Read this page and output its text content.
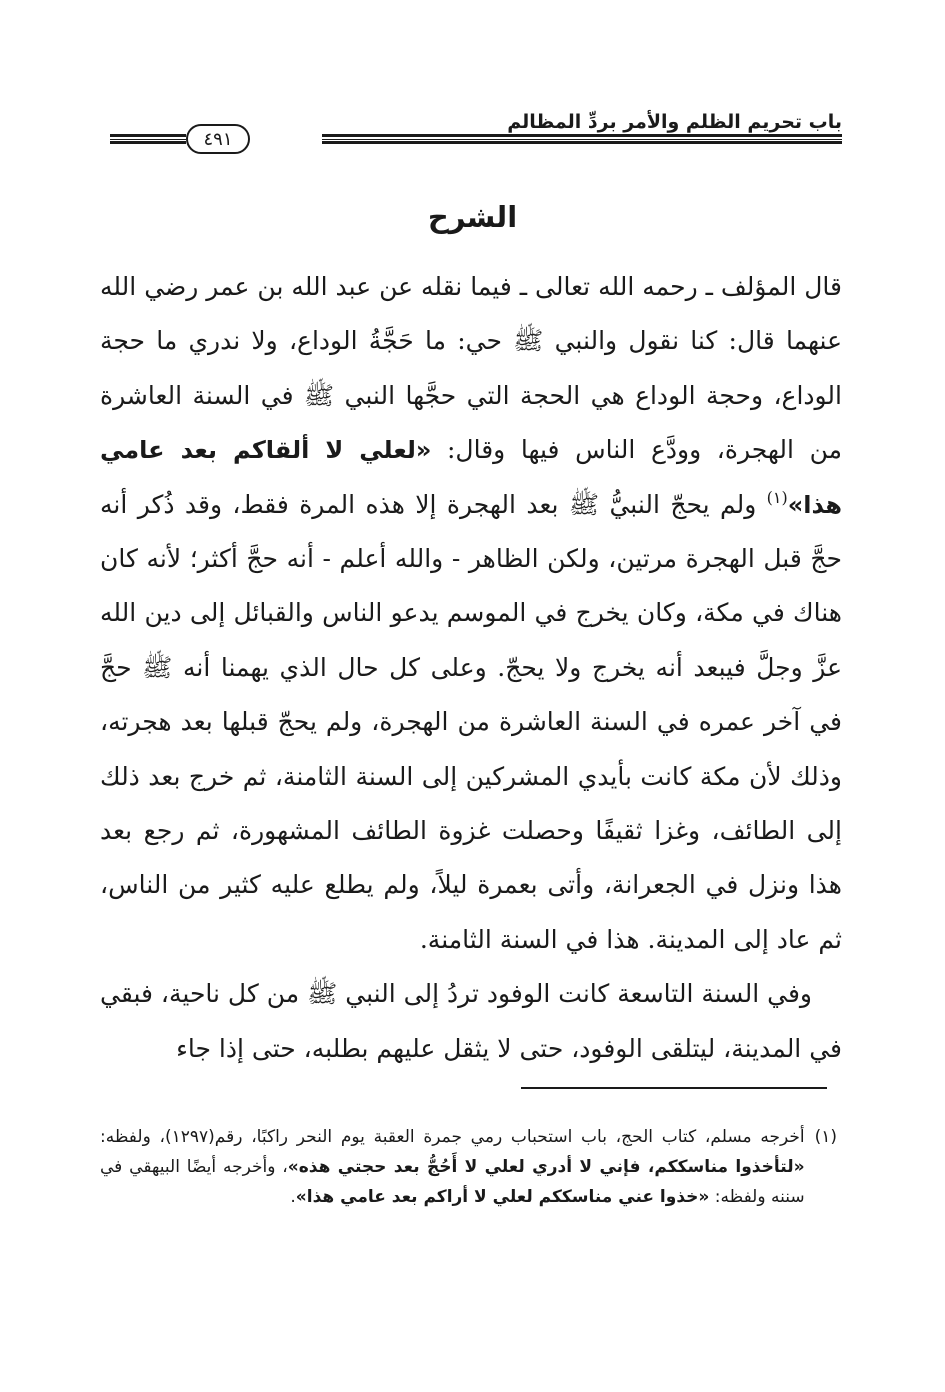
باب تحريم الظلم والأمر بردِّ المظالم
٤٩١
الشرح

قال المؤلف ـ رحمه الله تعالى ـ فيما نقله عن عبد الله بن عمر رضي الله عنهما قال: كنا نقول والنبي ﷺ حي: ما حَجَّةُ الوداع، ولا ندري ما حجة الوداع، وحجة الوداع هي الحجة التي حجَّها النبي ﷺ في السنة العاشرة من الهجرة، وودَّع الناس فيها وقال: «لعلي لا ألقاكم بعد عامي هذا»$^{(١)}$ ولم يحجّ النبيُّ ﷺ بعد الهجرة إلا هذه المرة فقط، وقد ذُكر أنه حجَّ قبل الهجرة مرتين، ولكن الظاهر - والله أعلم - أنه حجَّ أكثر؛ لأنه كان هناك في مكة، وكان يخرج في الموسم يدعو الناس والقبائل إلى دين الله عزَّ وجلَّ فيبعد أنه يخرج ولا يحجّ. وعلى كل حال الذي يهمنا أنه ﷺ حجَّ في آخر عمره في السنة العاشرة من الهجرة، ولم يحجّ قبلها بعد هجرته، وذلك لأن مكة كانت بأيدي المشركين إلى السنة الثامنة، ثم خرج بعد ذلك إلى الطائف، وغزا ثقيفًا وحصلت غزوة الطائف المشهورة، ثم رجع بعد هذا ونزل في الجعرانة، وأتى بعمرة ليلاً، ولم يطلع عليه كثير من الناس، ثم عاد إلى المدينة. هذا في السنة الثامنة.

وفي السنة التاسعة كانت الوفود تردُ إلى النبي ﷺ من كل ناحية، فبقي في المدينة، ليتلقى الوفود، حتى لا يثقل عليهم بطلبه، حتى إذا جاء

(١)
أخرجه مسلم، كتاب الحج، باب استحباب رمي جمرة العقبة يوم النحر راكبًا، رقم(١٢٩٧)، ولفظه: «لتأخذوا مناسككم، فإني لا أدري لعلي لا أَحُجُّ بعد حجتي هذه»، وأخرجه أيضًا البيهقي في سننه ولفظه: «خذوا عني مناسككم لعلي لا أراكم بعد عامي هذا».
